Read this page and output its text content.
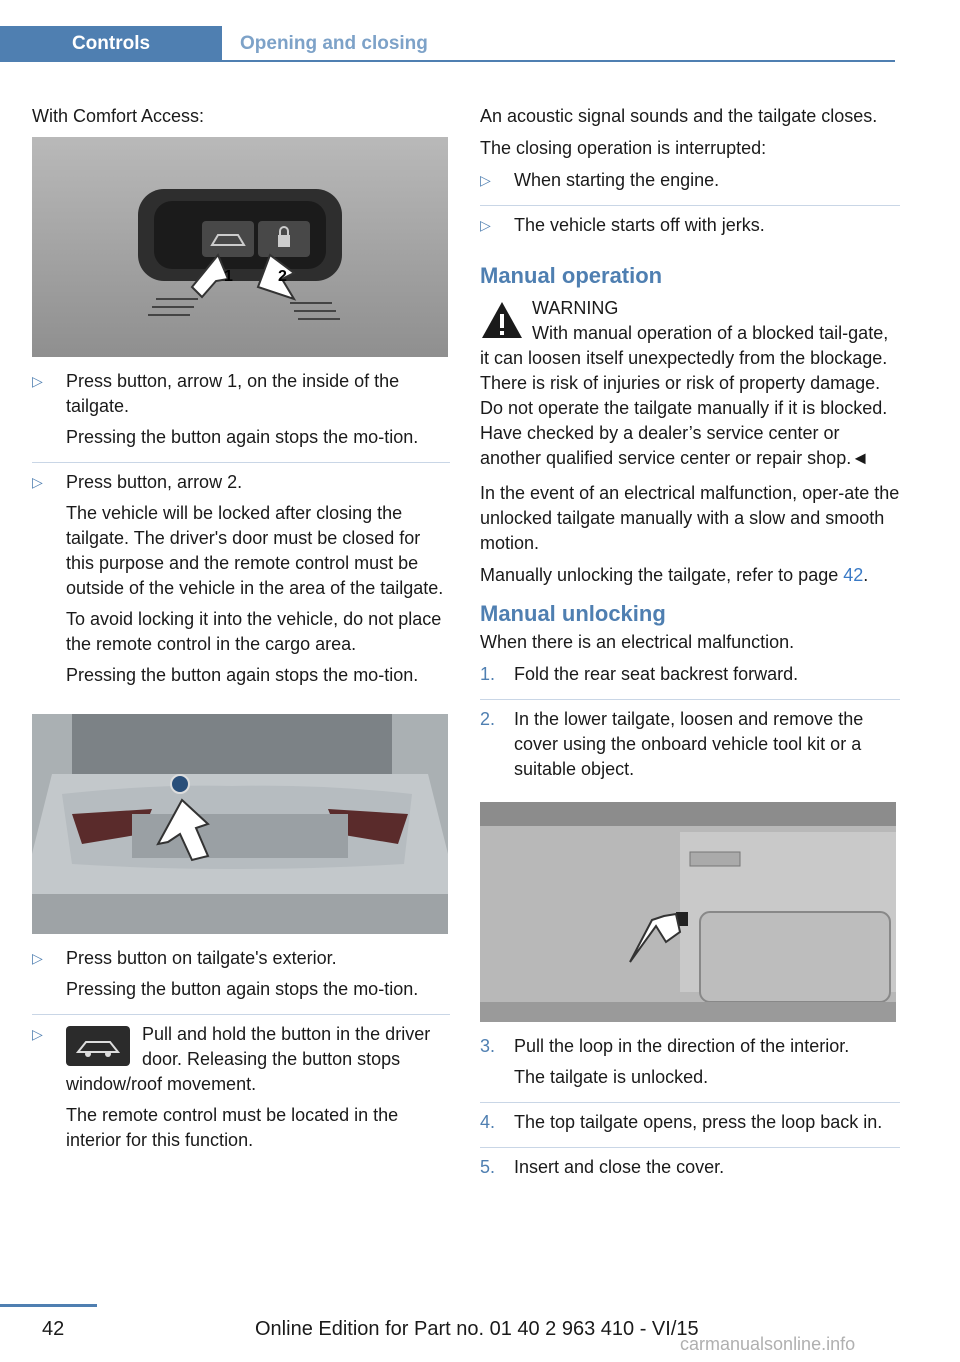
Controls	Opening and closing

With Comfort Access:

1	2
▷ Press button, arrow 1, on the inside of the tailgate.

Pressing the button again stops the mo‐tion.

▷ Press button, arrow 2.

The vehicle will be locked after closing the tailgate. The driver's door must be closed for this purpose and the remote control must be outside of the vehicle in the area of the tailgate.

To avoid locking it into the vehicle, do not place the remote control in the cargo area.

Pressing the button again stops the mo‐tion.

▷ Press button on tailgate's exterior.

Pressing the button again stops the mo‐tion.

▷	Pull and hold the button in the driver door. Releasing the button stops window/roof movement.

The remote control must be located in the interior for this function.

An acoustic signal sounds and the tailgate closes.

The closing operation is interrupted:

▷ When starting the engine.

▷ The vehicle starts off with jerks.

Manual operation
WARNING
With manual operation of a blocked tail‐gate, it can loosen itself unexpectedly from the blockage. There is risk of injuries or risk of property damage. Do not operate the tailgate manually if it is blocked. Have checked by a dealer’s service center or another qualified service center or repair shop.◄

In the event of an electrical malfunction, oper‐ate the unlocked tailgate manually with a slow and smooth motion.

Manually unlocking the tailgate, refer to page 42.

Manual unlocking

When there is an electrical malfunction.

1. Fold the rear seat backrest forward.

2. In the lower tailgate, loosen and remove the cover using the onboard vehicle tool kit or a suitable object.

3. Pull the loop in the direction of the interior.

The tailgate is unlocked.

4. The top tailgate opens, press the loop back in.

5. Insert and close the cover.

42	Online Edition for Part no. 01 40 2 963 410 - VI/15
carmanualsonline.info
